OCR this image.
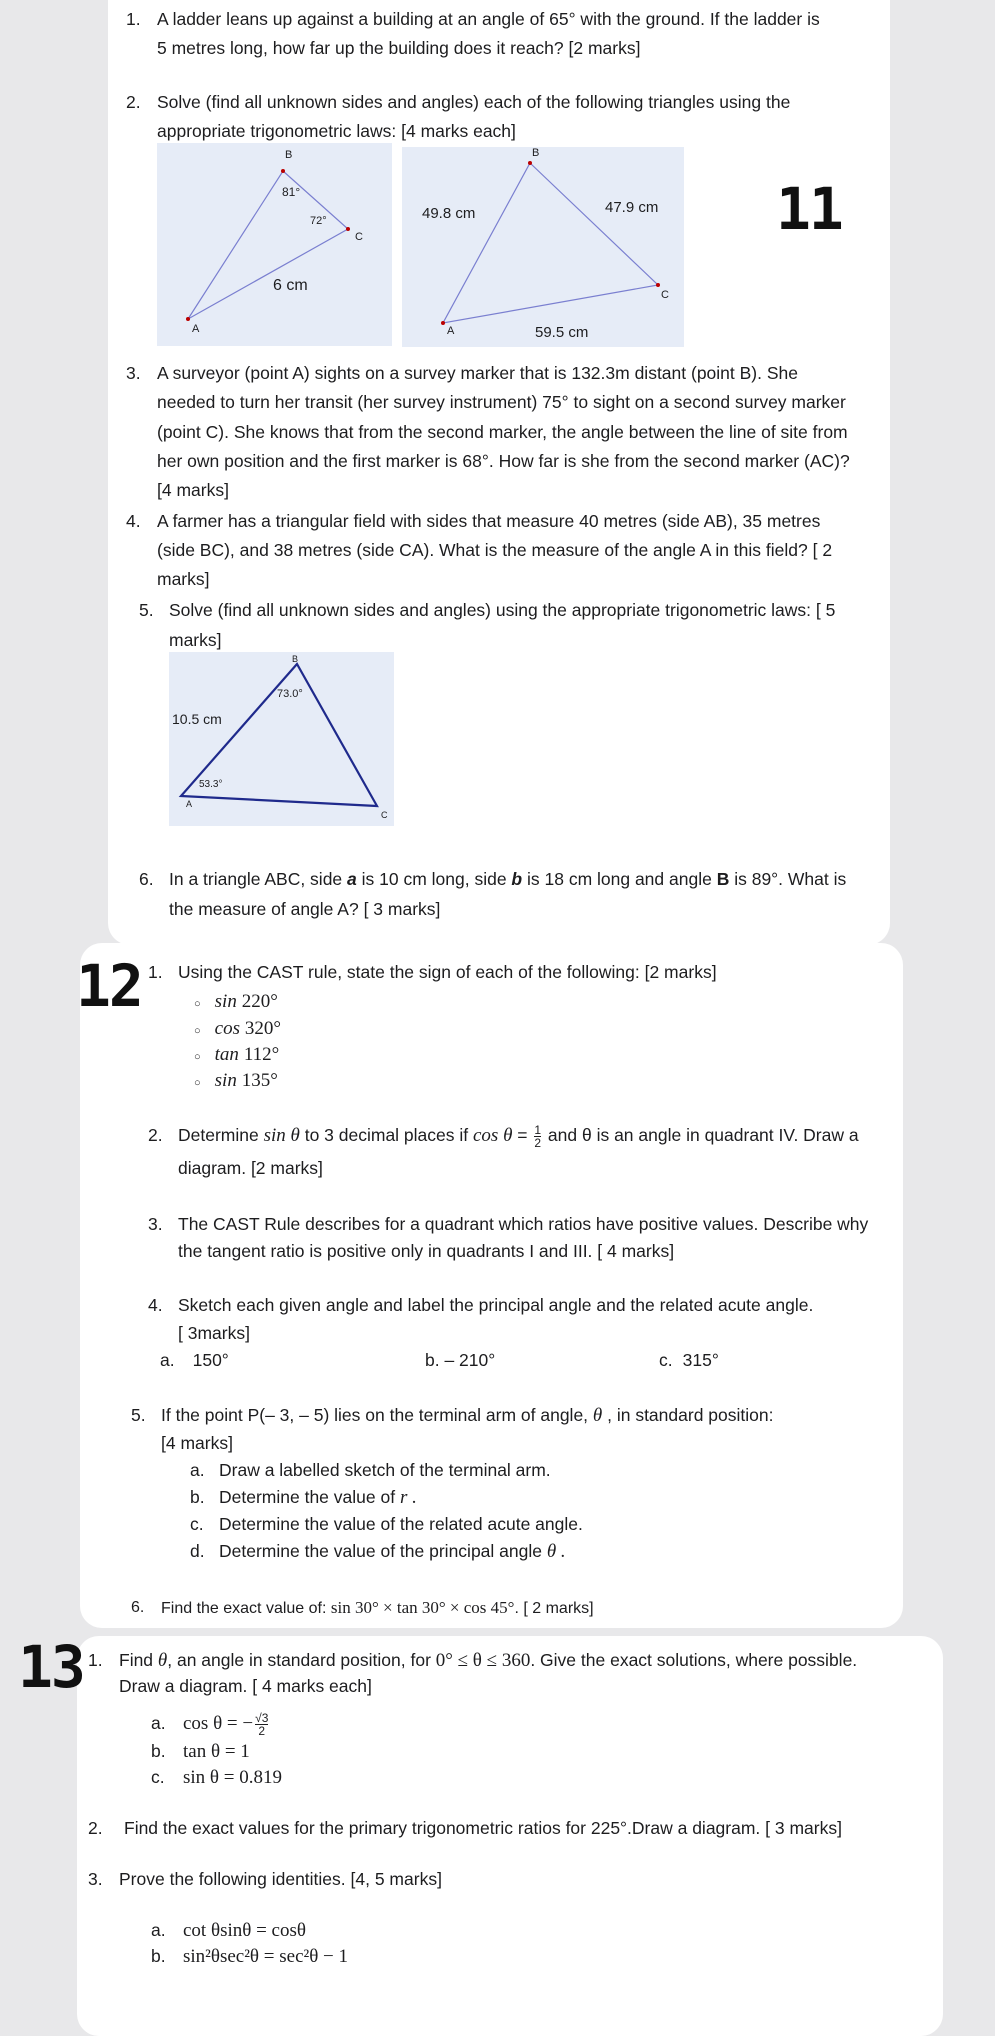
11
1. A ladder leans up against a building at an angle of 65° with the ground. If the ladder is
5 metres long, how far up the building does it reach? [2 marks]
2. Solve (find all unknown sides and angles) each of the following triangles using the
appropriate trigonometric laws: [4 marks each]
B
81°
72°
C
6 cm
A
B
49.8 cm	47.9 cm
C
A	59.5 cm
3. A surveyor (point A) sights on a survey marker that is 132.3m distant (point B). She
needed to turn her transit (her survey instrument) 75° to sight on a second survey marker
(point C). She knows that from the second marker, the angle between the line of site from
her own position and the first marker is 68°. How far is she from the second marker (AC)?
[4 marks]
4. A farmer has a triangular field with sides that measure 40 metres (side AB), 35 metres
(side BC), and 38 metres (side CA). What is the measure of the angle A in this field? [ 2
marks]
5. Solve (find all unknown sides and angles) using the appropriate trigonometric laws: [ 5
marks]
B
73.0°
10.5 cm
53.3°
A
C
6. In a triangle ABC, side a is 10 cm long, side b is 18 cm long and angle B is 89°. What is
the measure of angle A? [ 3 marks]
12 1. Using the CAST rule, state the sign of each of the following: [2 marks]
○ sin 220°
○ cos 320°
○ tan 112°
○ sin 135°
2. Determine sin θ to 3 decimal places if $\cos \theta = \frac{1}{2}$ and θ is an angle in quadrant IV. Draw a
diagram. [2 marks]
3. The CAST Rule describes for a quadrant which ratios have positive values. Describe why
the tangent ratio is positive only in quadrants I and III. [ 4 marks]
4. Sketch each given angle and label the principal angle and the related acute angle.
[ 3marks]
a. 150°	b. – 210°	c. 315°
5. If the point P(– 3, – 5) lies on the terminal arm of angle, θ , in standard position:
[4 marks]
a. Draw a labelled sketch of the terminal arm.
b. Determine the value of r .
c. Determine the value of the related acute angle.
d. Determine the value of the principal angle θ .
6. Find the exact value of: sin 30° × tan 30° × cos 45°. [ 2 marks]
13 1. Find θ, an angle in standard position, for 0° ≤ θ ≤ 360. Give the exact solutions, where possible.
Draw a diagram. [ 4 marks each]
a. cos θ = − $\frac{√3}{2}$
b. tan θ = 1
c. sin θ = 0.819
2. Find the exact values for the primary trigonometric ratios for 225°.Draw a diagram. [ 3 marks]
3. Prove the following identities. [4, 5 marks]
a. cot θsinθ = cosθ
b. sin²θsec²θ = sec²θ − 1
